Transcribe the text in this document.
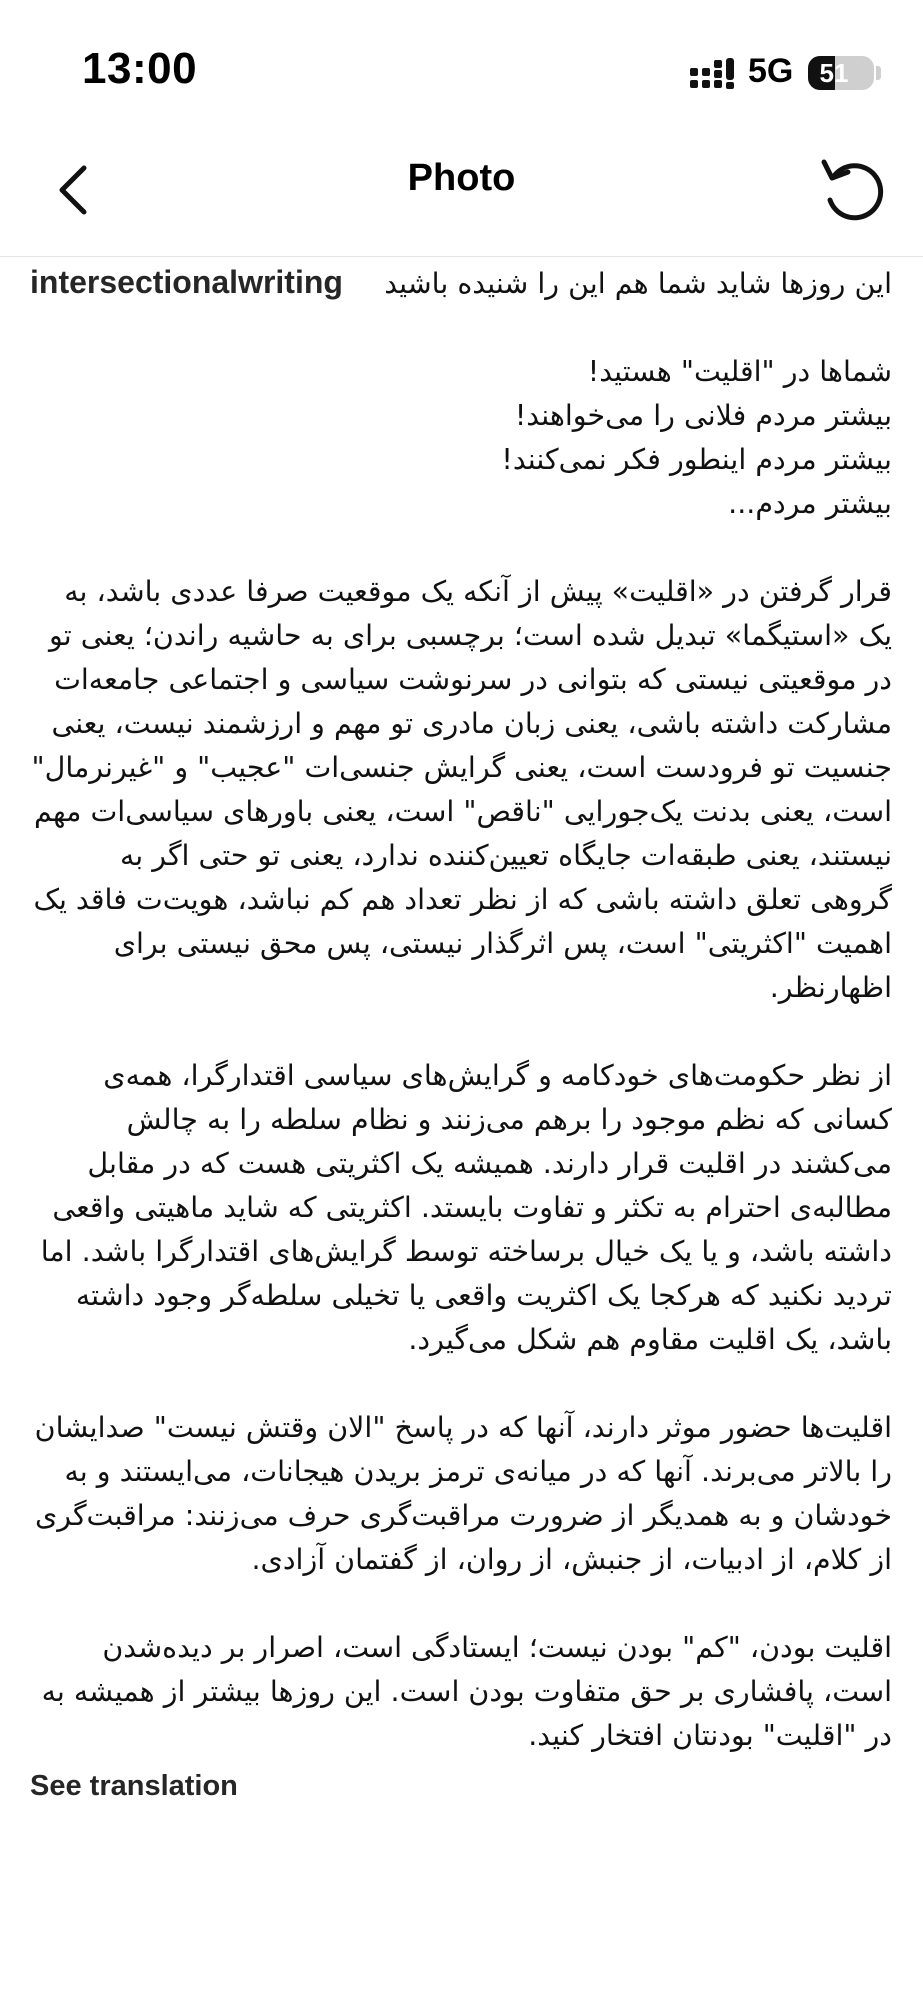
13:00	5G	51
Photo
intersectionalwriting	این روزها شاید شما هم این را شنیده باشید

شماها در "اقلیت" هستید!
بیشتر مردم فلانی را می‌خواهند!
بیشتر مردم اینطور فکر نمی‌کنند!
بیشتر مردم...

قرار گرفتن در «اقلیت» پیش از آنکه یک موقعیت صرفا عددی باشد، به یک «استیگما» تبدیل شده است؛ برچسبی برای به حاشیه راندن؛ یعنی تو در موقعیتی نیستی که بتوانی در سرنوشت سیاسی و اجتماعی جامعه‌ات مشارکت داشته باشی، یعنی زبان مادری تو مهم و ارزشمند نیست، یعنی جنسیت تو فرودست است، یعنی گرایش جنسی‌ات "عجیب" و "غیرنرمال" است، یعنی بدنت یک‌جورایی "ناقص" است، یعنی باورهای سیاسی‌ات مهم نیستند، یعنی طبقه‌ات جایگاه تعیین‌کننده ندارد، یعنی تو حتی اگر به گروهی تعلق داشته باشی که از نظر تعداد هم کم نباشد، هویت‌ت فاقد یک اهمیت "اکثریتی" است، پس اثرگذار نیستی، پس محق نیستی برای اظهارنظر.

از نظر حکومت‌های خودکامه و گرایش‌های سیاسی اقتدارگرا، همه‌ی کسانی که نظم موجود را برهم می‌زنند و نظام سلطه را به چالش می‌کشند در اقلیت قرار دارند. همیشه یک اکثریتی هست که در مقابل مطالبه‌ی احترام به تکثر و تفاوت بایستد. اکثریتی که شاید ماهیتی واقعی داشته باشد، و یا یک خیال برساخته توسط گرایش‌های اقتدارگرا باشد. اما تردید نکنید که هرکجا یک اکثریت واقعی یا تخیلی سلطه‌گر وجود داشته باشد، یک اقلیت مقاوم هم شکل می‌گیرد.

اقلیت‌ها حضور موثر دارند، آنها که در پاسخ "الان وقتش نیست" صدایشان را بالاتر می‌برند. آنها که در میانه‌ی ترمز بریدن هیجانات، می‌ایستند و به خودشان و به همدیگر از ضرورت مراقبت‌گری حرف می‌زنند: مراقبت‌گری از کلام، از ادبیات، از جنبش، از روان، از گفتمان آزادی.

اقلیت بودن، "کم" بودن نیست؛ ایستادگی است، اصرار بر دیده‌شدن است، پافشاری بر حق متفاوت بودن است. این روزها بیشتر از همیشه به در "اقلیت" بودنتان افتخار کنید.

See translation
